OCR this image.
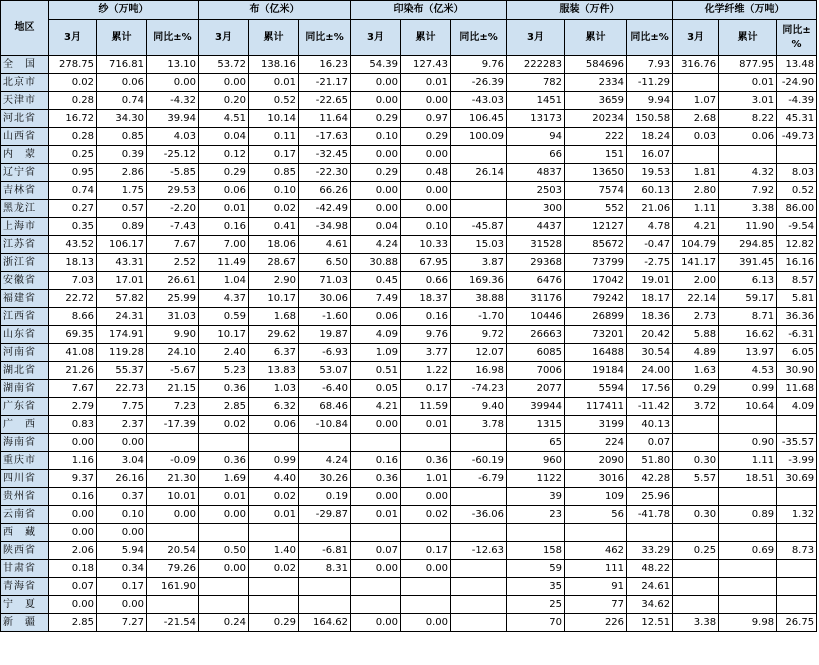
地区	纱（万吨）			布（亿米）			印染布（亿米）			服装（万件）			化学纤维（万吨）		
	3月	累计	同比±%	3月	累计	同比±%	3月	累计	同比±%	3月	累计	同比±%	3月	累计	同比±%
全　国	278.75	716.81	13.10	53.72	138.16	16.23	54.39	127.43	9.76	222283	584696	7.93	316.76	877.95	13.48
北京市	0.02	0.06	0.00	0.00	0.01	-21.17	0.00	0.01	-26.39	782	2334	-11.29		0.01	-24.90
天津市	0.28	0.74	-4.32	0.20	0.52	-22.65	0.00	0.00	-43.03	1451	3659	9.94	1.07	3.01	-4.39
河北省	16.72	34.30	39.94	4.51	10.14	11.64	0.29	0.97	106.45	13173	20234	150.58	2.68	8.22	45.31
山西省	0.28	0.85	4.03	0.04	0.11	-17.63	0.10	0.29	100.09	94	222	18.24	0.03	0.06	-49.73
内　蒙	0.25	0.39	-25.12	0.12	0.17	-32.45	0.00	0.00		66	151	16.07			
辽宁省	0.95	2.86	-5.85	0.29	0.85	-22.30	0.29	0.48	26.14	4837	13650	19.53	1.81	4.32	8.03
吉林省	0.74	1.75	29.53	0.06	0.10	66.26	0.00	0.00		2503	7574	60.13	2.80	7.92	0.52
黑龙江	0.27	0.57	-2.20	0.01	0.02	-42.49	0.00	0.00		300	552	21.06	1.11	3.38	86.00
上海市	0.35	0.89	-7.43	0.16	0.41	-34.98	0.04	0.10	-45.87	4437	12127	4.78	4.21	11.90	-9.54
江苏省	43.52	106.17	7.67	7.00	18.06	4.61	4.24	10.33	15.03	31528	85672	-0.47	104.79	294.85	12.82
浙江省	18.13	43.31	2.52	11.49	28.67	6.50	30.88	67.95	3.87	29368	73799	-2.75	141.17	391.45	16.16
安徽省	7.03	17.01	26.61	1.04	2.90	71.03	0.45	0.66	169.36	6476	17042	19.01	2.00	6.13	8.57
福建省	22.72	57.82	25.99	4.37	10.17	30.06	7.49	18.37	38.88	31176	79242	18.17	22.14	59.17	5.81
江西省	8.66	24.31	31.03	0.59	1.68	-1.60	0.06	0.16	-1.70	10446	26899	18.36	2.73	8.71	36.36
山东省	69.35	174.91	9.90	10.17	29.62	19.87	4.09	9.76	9.72	26663	73201	20.42	5.88	16.62	-6.31
河南省	41.08	119.28	24.10	2.40	6.37	-6.93	1.09	3.77	12.07	6085	16488	30.54	4.89	13.97	6.05
湖北省	21.26	55.37	-5.67	5.23	13.83	53.07	0.51	1.22	16.98	7006	19184	24.00	1.63	4.53	30.90
湖南省	7.67	22.73	21.15	0.36	1.03	-6.40	0.05	0.17	-74.23	2077	5594	17.56	0.29	0.99	11.68
广东省	2.79	7.75	7.23	2.85	6.32	68.46	4.21	11.59	9.40	39944	117411	-11.42	3.72	10.64	4.09
广　西	0.83	2.37	-17.39	0.02	0.06	-10.84	0.00	0.01	3.78	1315	3199	40.13			
海南省	0.00	0.00								65	224	0.07		0.90	-35.57
重庆市	1.16	3.04	-0.09	0.36	0.99	4.24	0.16	0.36	-60.19	960	2090	51.80	0.30	1.11	-3.99
四川省	9.37	26.16	21.30	1.69	4.40	30.26	0.36	1.01	-6.79	1122	3016	42.28	5.57	18.51	30.69
贵州省	0.16	0.37	10.01	0.01	0.02	0.19	0.00	0.00		39	109	25.96			
云南省	0.00	0.10	0.00	0.00	0.01	-29.87	0.01	0.02	-36.06	23	56	-41.78	0.30	0.89	1.32
西　藏	0.00	0.00													
陕西省	2.06	5.94	20.54	0.50	1.40	-6.81	0.07	0.17	-12.63	158	462	33.29	0.25	0.69	8.73
甘肃省	0.18	0.34	79.26	0.00	0.02	8.31	0.00	0.00		59	111	48.22			
青海省	0.07	0.17	161.90							35	91	24.61			
宁　夏	0.00	0.00								25	77	34.62			
新　疆	2.85	7.27	-21.54	0.24	0.29	164.62	0.00	0.00		70	226	12.51	3.38	9.98	26.75
